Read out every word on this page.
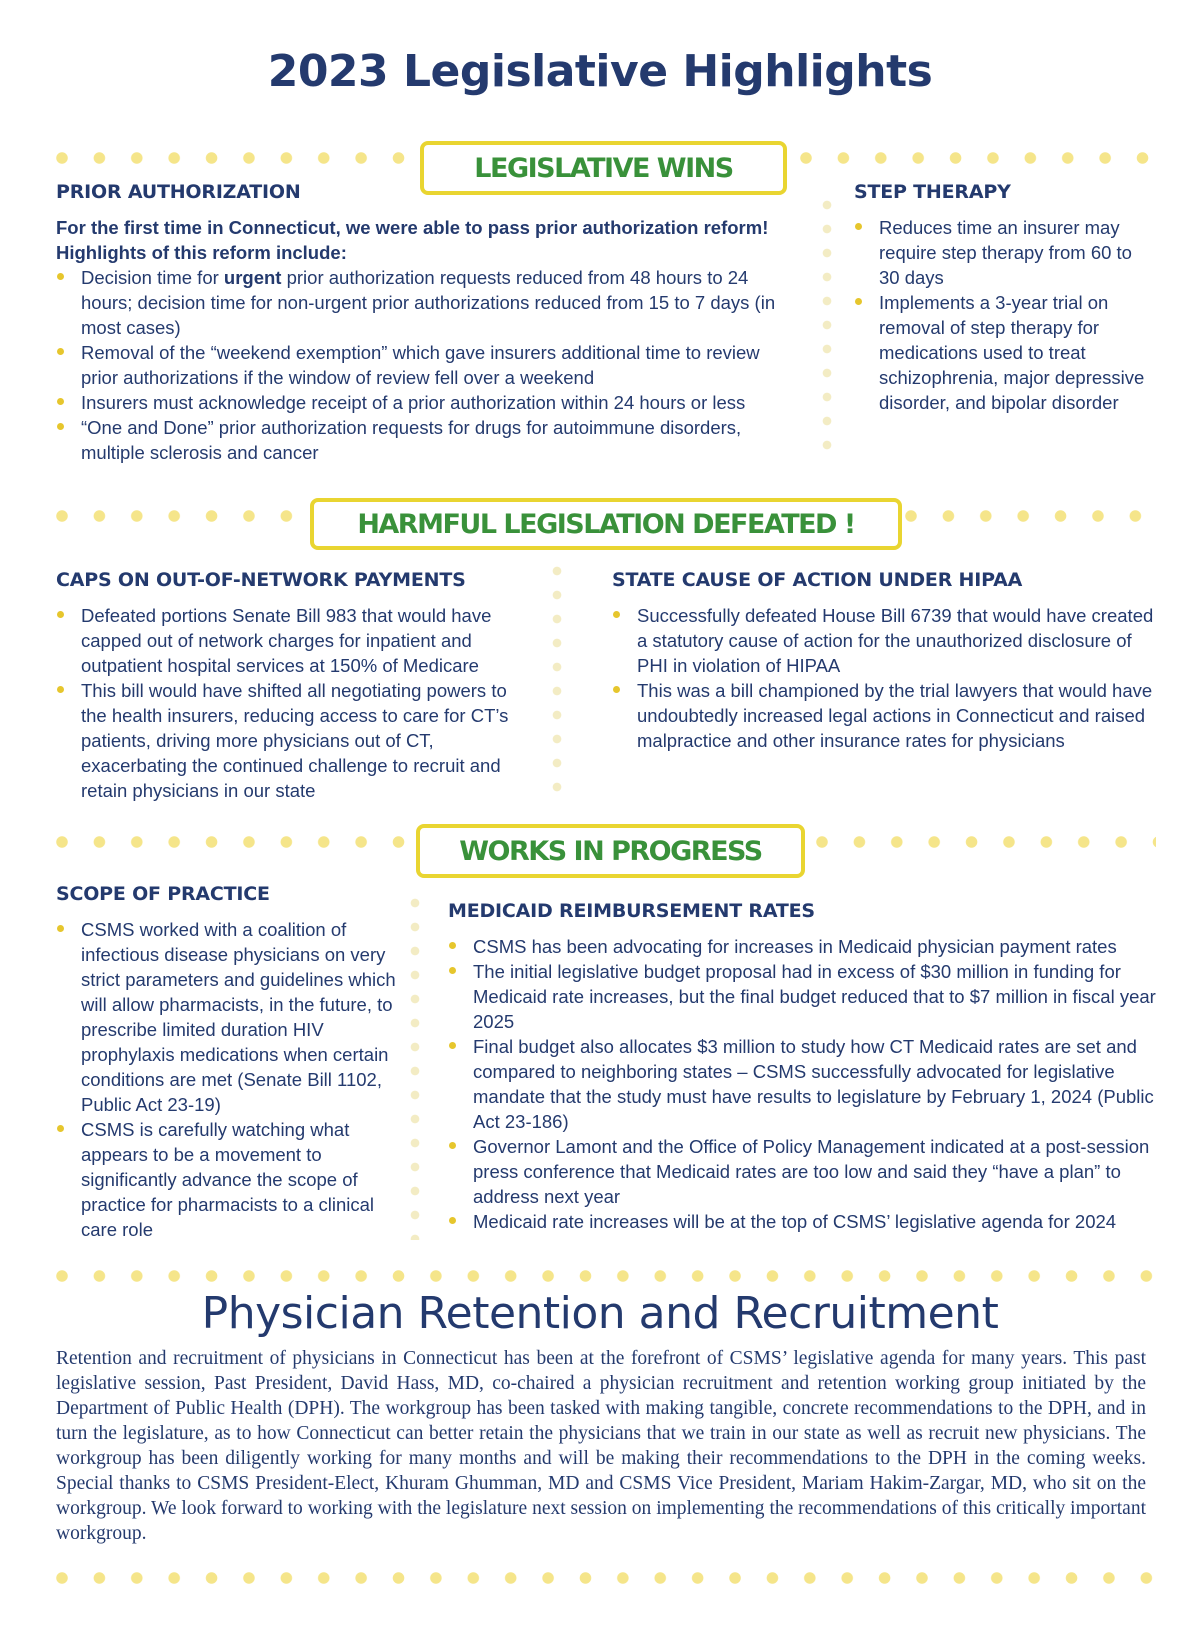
2023 Legislative Highlights
LEGISLATIVE WINS
PRIOR AUTHORIZATION
For the first time in Connecticut, we were able to pass prior authorization reform! Highlights of this reform include:
Decision time for urgent prior authorization requests reduced from 48 hours to 24 hours; decision time for non-urgent prior authorizations reduced from 15 to 7 days (in most cases)
Removal of the “weekend exemption” which gave insurers additional time to review  prior authorizations if the window of review fell over a weekend
Insurers must acknowledge receipt of a prior authorization within 24 hours or less
“One and Done” prior authorization requests for drugs for autoimmune disorders, multiple sclerosis and cancer
STEP THERAPY
Reduces time an insurer may require step therapy from 60 to 30 days
Implements a 3-year trial on removal of step therapy for medications used to treat schizophrenia, major depressive disorder, and bipolar disorder
HARMFUL LEGISLATION DEFEATED !
CAPS ON OUT-OF-NETWORK PAYMENTS
Defeated portions Senate Bill 983 that would have capped out of network charges for inpatient and outpatient hospital services at 150% of Medicare
This bill would have shifted all negotiating powers to the health insurers, reducing access to care for CT’s patients, driving more physicians out of CT, exacerbating the continued challenge to recruit and retain physicians in our state
STATE CAUSE OF ACTION UNDER HIPAA
Successfully defeated House Bill 6739 that would have created a statutory cause of action for the unauthorized disclosure of PHI in violation of HIPAA
This was a bill championed by the trial lawyers that would have undoubtedly increased legal actions in Connecticut and raised malpractice and other insurance rates for physicians
WORKS IN PROGRESS
SCOPE OF PRACTICE
CSMS worked with a coalition of infectious disease physicians on very strict parameters and guidelines which will allow pharmacists, in the future, to prescribe limited duration HIV prophylaxis medications when certain conditions are met (Senate Bill 1102, Public Act 23-19)
CSMS is carefully watching what appears to be a movement to significantly advance the scope of practice for pharmacists to a clinical care role
MEDICAID REIMBURSEMENT RATES
CSMS has been advocating for increases in Medicaid physician payment rates
The initial legislative budget proposal had in excess of $30 million in funding for Medicaid rate increases, but the final budget reduced that to $7 million in fiscal year 2025
Final budget also allocates $3 million to study how CT Medicaid rates are set and compared to neighboring states – CSMS successfully advocated for legislative mandate that the study must have results to legislature by February 1, 2024 (Public Act 23-186)
Governor Lamont and the Office of Policy Management indicated at a post-session press conference that Medicaid rates are too low and said they “have a plan” to address next year
Medicaid rate increases will be at the top of CSMS’ legislative agenda for 2024
Physician Retention and Recruitment
Retention and recruitment of physicians in Connecticut has been at the forefront of CSMS’ legislative agenda for many years. This past legislative session, Past President, David Hass, MD, co-chaired a physician recruitment and retention working group initiated by the Department of Public Health (DPH). The workgroup has been tasked with making tangible, concrete recommendations to the DPH, and in turn the legislature, as to how Connecticut can better retain the physicians that we train in our state as well as recruit new physicians. The workgroup has been diligently working for many months and will be making their recommendations to the DPH in the coming weeks. Special thanks to CSMS President-Elect, Khuram Ghumman, MD and CSMS Vice President, Mariam Hakim-Zargar, MD, who sit on the workgroup. We look forward to working with the legislature next session on implementing the recommendations of this critically important workgroup.
